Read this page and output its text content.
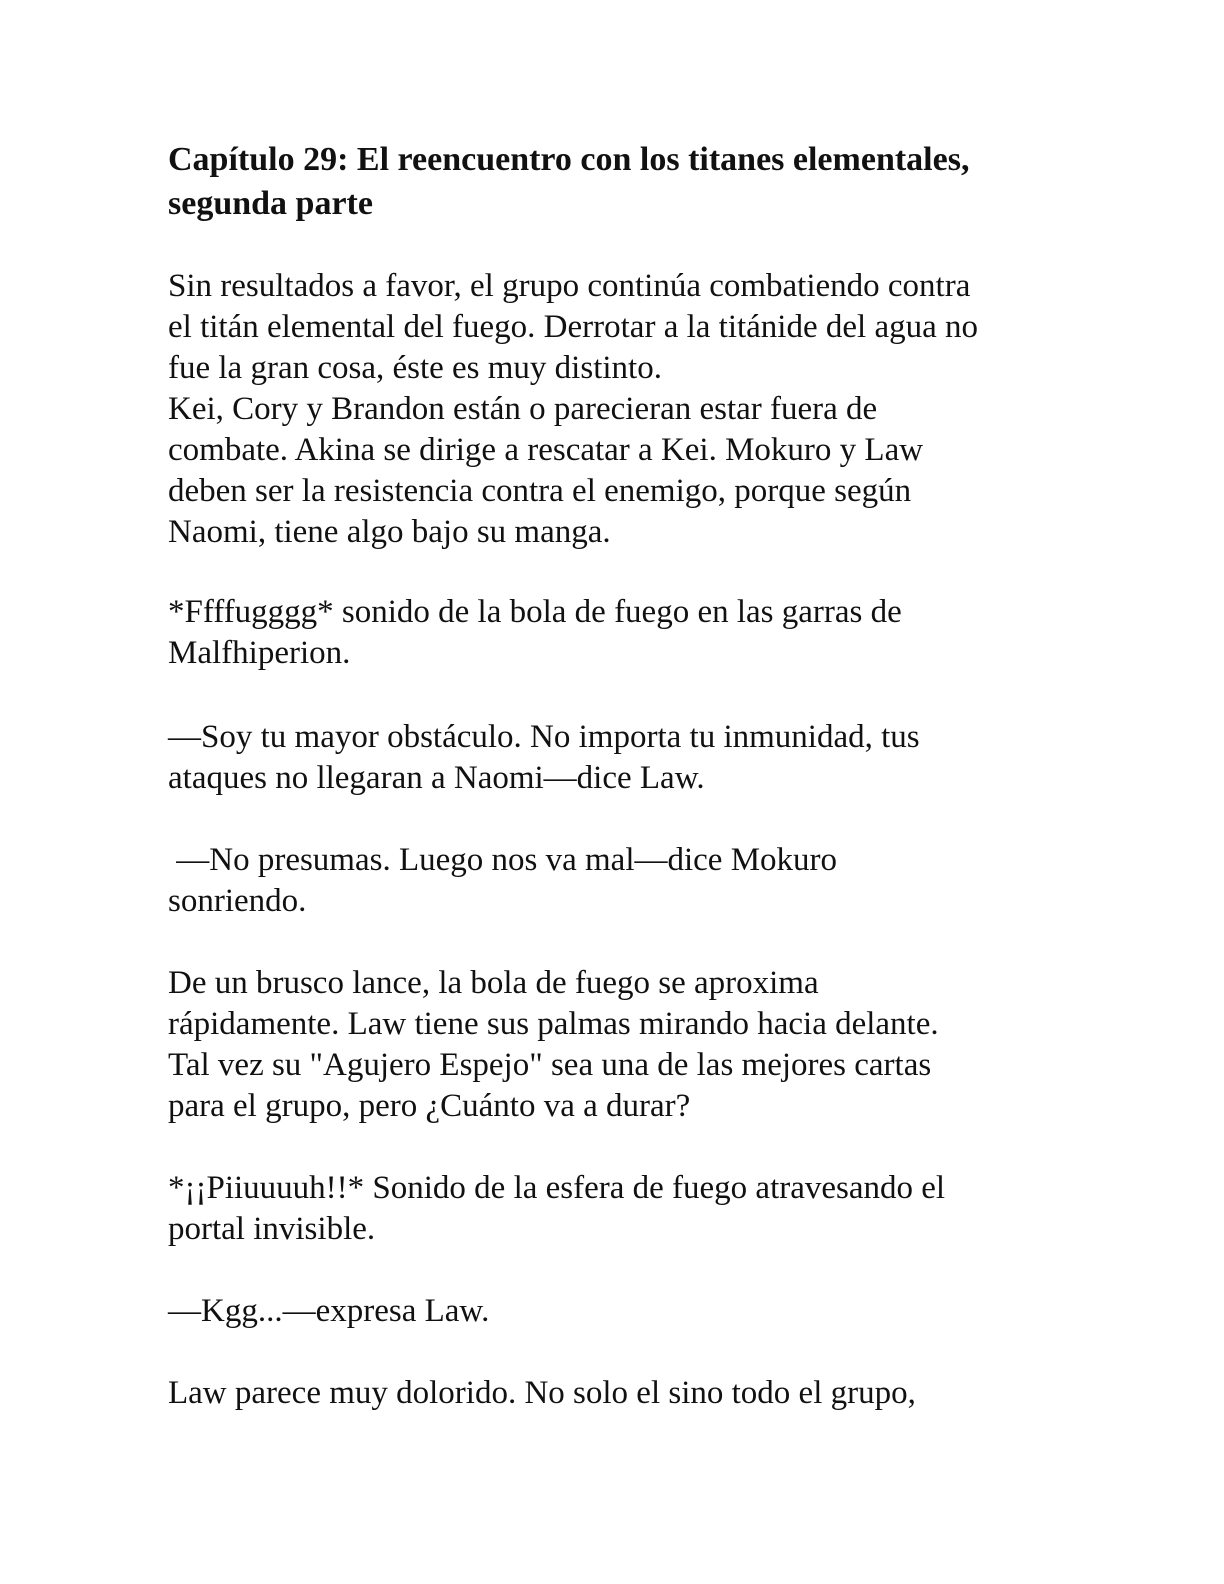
Capítulo 29: El reencuentro con los titanes elementales,
segunda parte

Sin resultados a favor, el grupo continúa combatiendo contra
el titán elemental del fuego. Derrotar a la titánide del agua no
fue la gran cosa, éste es muy distinto.
Kei, Cory y Brandon están o parecieran estar fuera de
combate. Akina se dirige a rescatar a Kei. Mokuro y Law
deben ser la resistencia contra el enemigo, porque según
Naomi, tiene algo bajo su manga.

*Ffffugggg* sonido de la bola de fuego en las garras de
Malfhiperion.

—Soy tu mayor obstáculo. No importa tu inmunidad, tus
ataques no llegaran a Naomi—dice Law.

—No presumas. Luego nos va mal—dice Mokuro
sonriendo.

De un brusco lance, la bola de fuego se aproxima
rápidamente. Law tiene sus palmas mirando hacia delante.
Tal vez su "Agujero Espejo" sea una de las mejores cartas
para el grupo, pero ¿Cuánto va a durar?

*¡¡Piiuuuuh!!* Sonido de la esfera de fuego atravesando el
portal invisible.

—Kgg...—expresa Law.

Law parece muy dolorido. No solo el sino todo el grupo,
